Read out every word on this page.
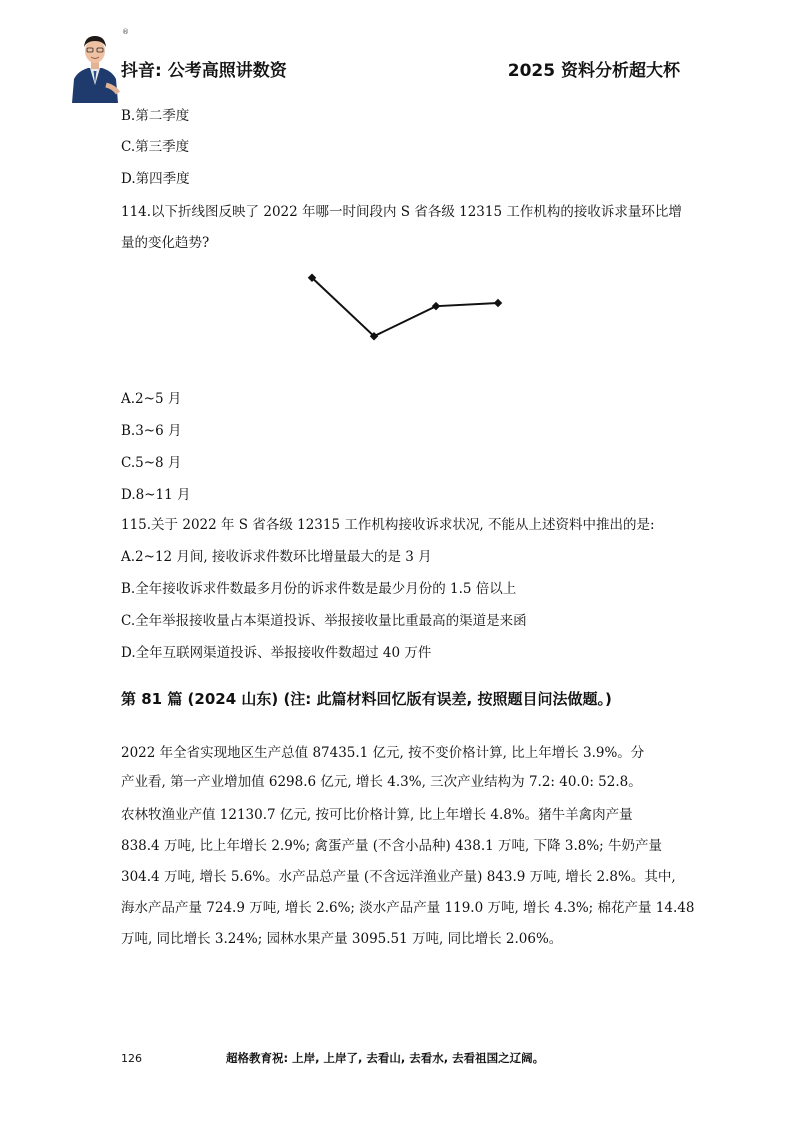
®
抖音: 公考高照讲数资	2025 资料分析超大杯
B.第二季度
C.第三季度
D.第四季度
114.以下折线图反映了 2022 年哪一时间段内 S 省各级 12315 工作机构的接收诉求量环比增
量的变化趋势?
A.2~5 月
B.3~6 月
C.5~8 月
D.8~11 月
115.关于 2022 年 S 省各级 12315 工作机构接收诉求状况, 不能从上述资料中推出的是:
A.2~12 月间, 接收诉求件数环比增量最大的是 3 月
B.全年接收诉求件数最多月份的诉求件数是最少月份的 1.5 倍以上
C.全年举报接收量占本渠道投诉、举报接收量比重最高的渠道是来函
D.全年互联网渠道投诉、举报接收件数超过 40 万件
第 81 篇 (2024 山东) (注: 此篇材料回忆版有误差, 按照题目问法做题。)
2022 年全省实现地区生产总值 87435.1 亿元, 按不变价格计算, 比上年增长 3.9%。分
产业看, 第一产业增加值 6298.6 亿元, 增长 4.3%, 三次产业结构为 7.2: 40.0: 52.8。
农林牧渔业产值 12130.7 亿元, 按可比价格计算, 比上年增长 4.8%。猪牛羊禽肉产量
838.4 万吨, 比上年增长 2.9%; 禽蛋产量 (不含小品种) 438.1 万吨, 下降 3.8%; 牛奶产量
304.4 万吨, 增长 5.6%。水产品总产量 (不含远洋渔业产量) 843.9 万吨, 增长 2.8%。其中,
海水产品产量 724.9 万吨, 增长 2.6%; 淡水产品产量 119.0 万吨, 增长 4.3%; 棉花产量 14.48
万吨, 同比增长 3.24%; 园林水果产量 3095.51 万吨, 同比增长 2.06%。
126	超格教育祝: 上岸, 上岸了, 去看山, 去看水, 去看祖国之辽阔。
